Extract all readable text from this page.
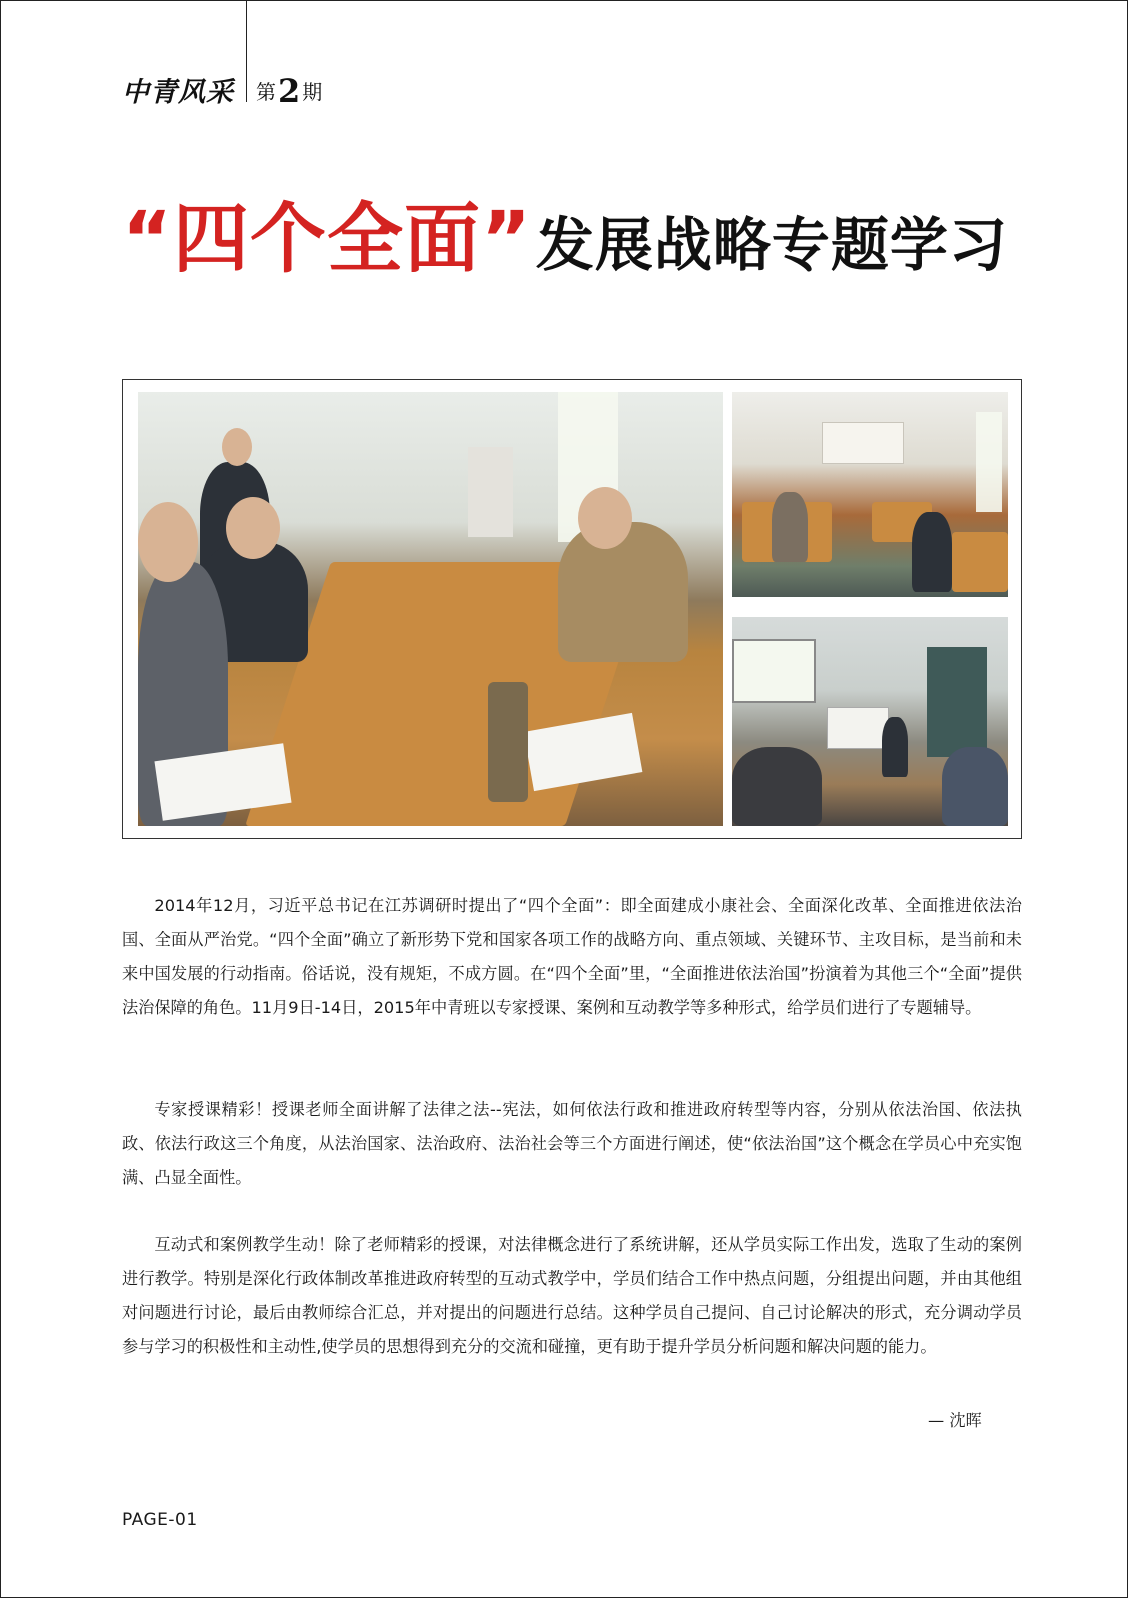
中青风采 第2 期
“四个全面”发展战略专题学习

2014年12月，习近平总书记在江苏调研时提出了“四个全面”：即全面建成小康社会、全面深化改革、全面推进依法治国、全面从严治党。“四个全面”确立了新形势下党和国家各项工作的战略方向、重点领域、关键环节、主攻目标，是当前和未来中国发展的行动指南。俗话说，没有规矩，不成方圆。在“四个全面”里，“全面推进依法治国”扮演着为其他三个“全面”提供法治保障的角色。11月9日-14日，2015年中青班以专家授课、案例和互动教学等多种形式，给学员们进行了专题辅导。

专家授课精彩！授课老师全面讲解了法律之法--宪法，如何依法行政和推进政府转型等内容，分别从依法治国、依法执政、依法行政这三个角度，从法治国家、法治政府、法治社会等三个方面进行阐述，使“依法治国”这个概念在学员心中充实饱满、凸显全面性。

互动式和案例教学生动！除了老师精彩的授课，对法律概念进行了系统讲解，还从学员实际工作出发，选取了生动的案例进行教学。特别是深化行政体制改革推进政府转型的互动式教学中，学员们结合工作中热点问题，分组提出问题，并由其他组对问题进行讨论，最后由教师综合汇总，并对提出的问题进行总结。这种学员自己提问、自己讨论解决的形式，充分调动学员参与学习的积极性和主动性,使学员的思想得到充分的交流和碰撞，更有助于提升学员分析问题和解决问题的能力。

— 沈晖
PAGE-01
